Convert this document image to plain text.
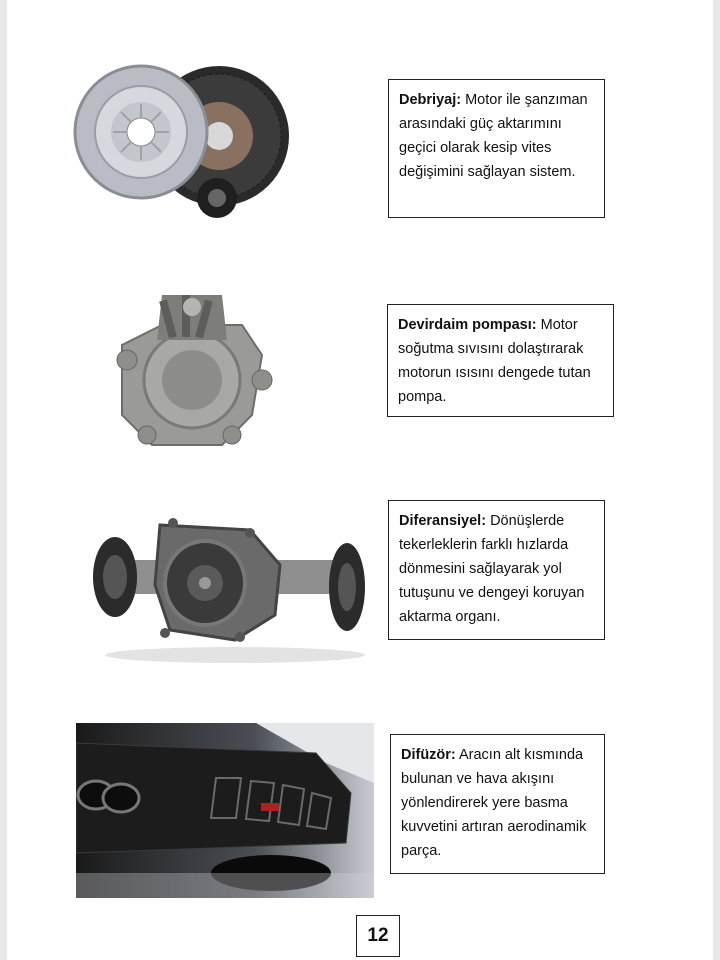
Debriyaj: Motor ile şanzıman arasındaki güç aktarımını geçici olarak kesip vites değişimini sağlayan sistem.
Devirdaim pompası: Motor soğutma sıvısını dolaştırarak motorun ısısını dengede tutan pompa.
Diferansiyel: Dönüşlerde tekerleklerin farklı hızlarda dönmesini sağlayarak yol tutuşunu ve dengeyi koruyan aktarma organı.
Difüzör: Aracın alt kısmında bulunan ve hava akışını yönlendirerek yere basma kuvvetini artıran aerodinamik parça.
12
